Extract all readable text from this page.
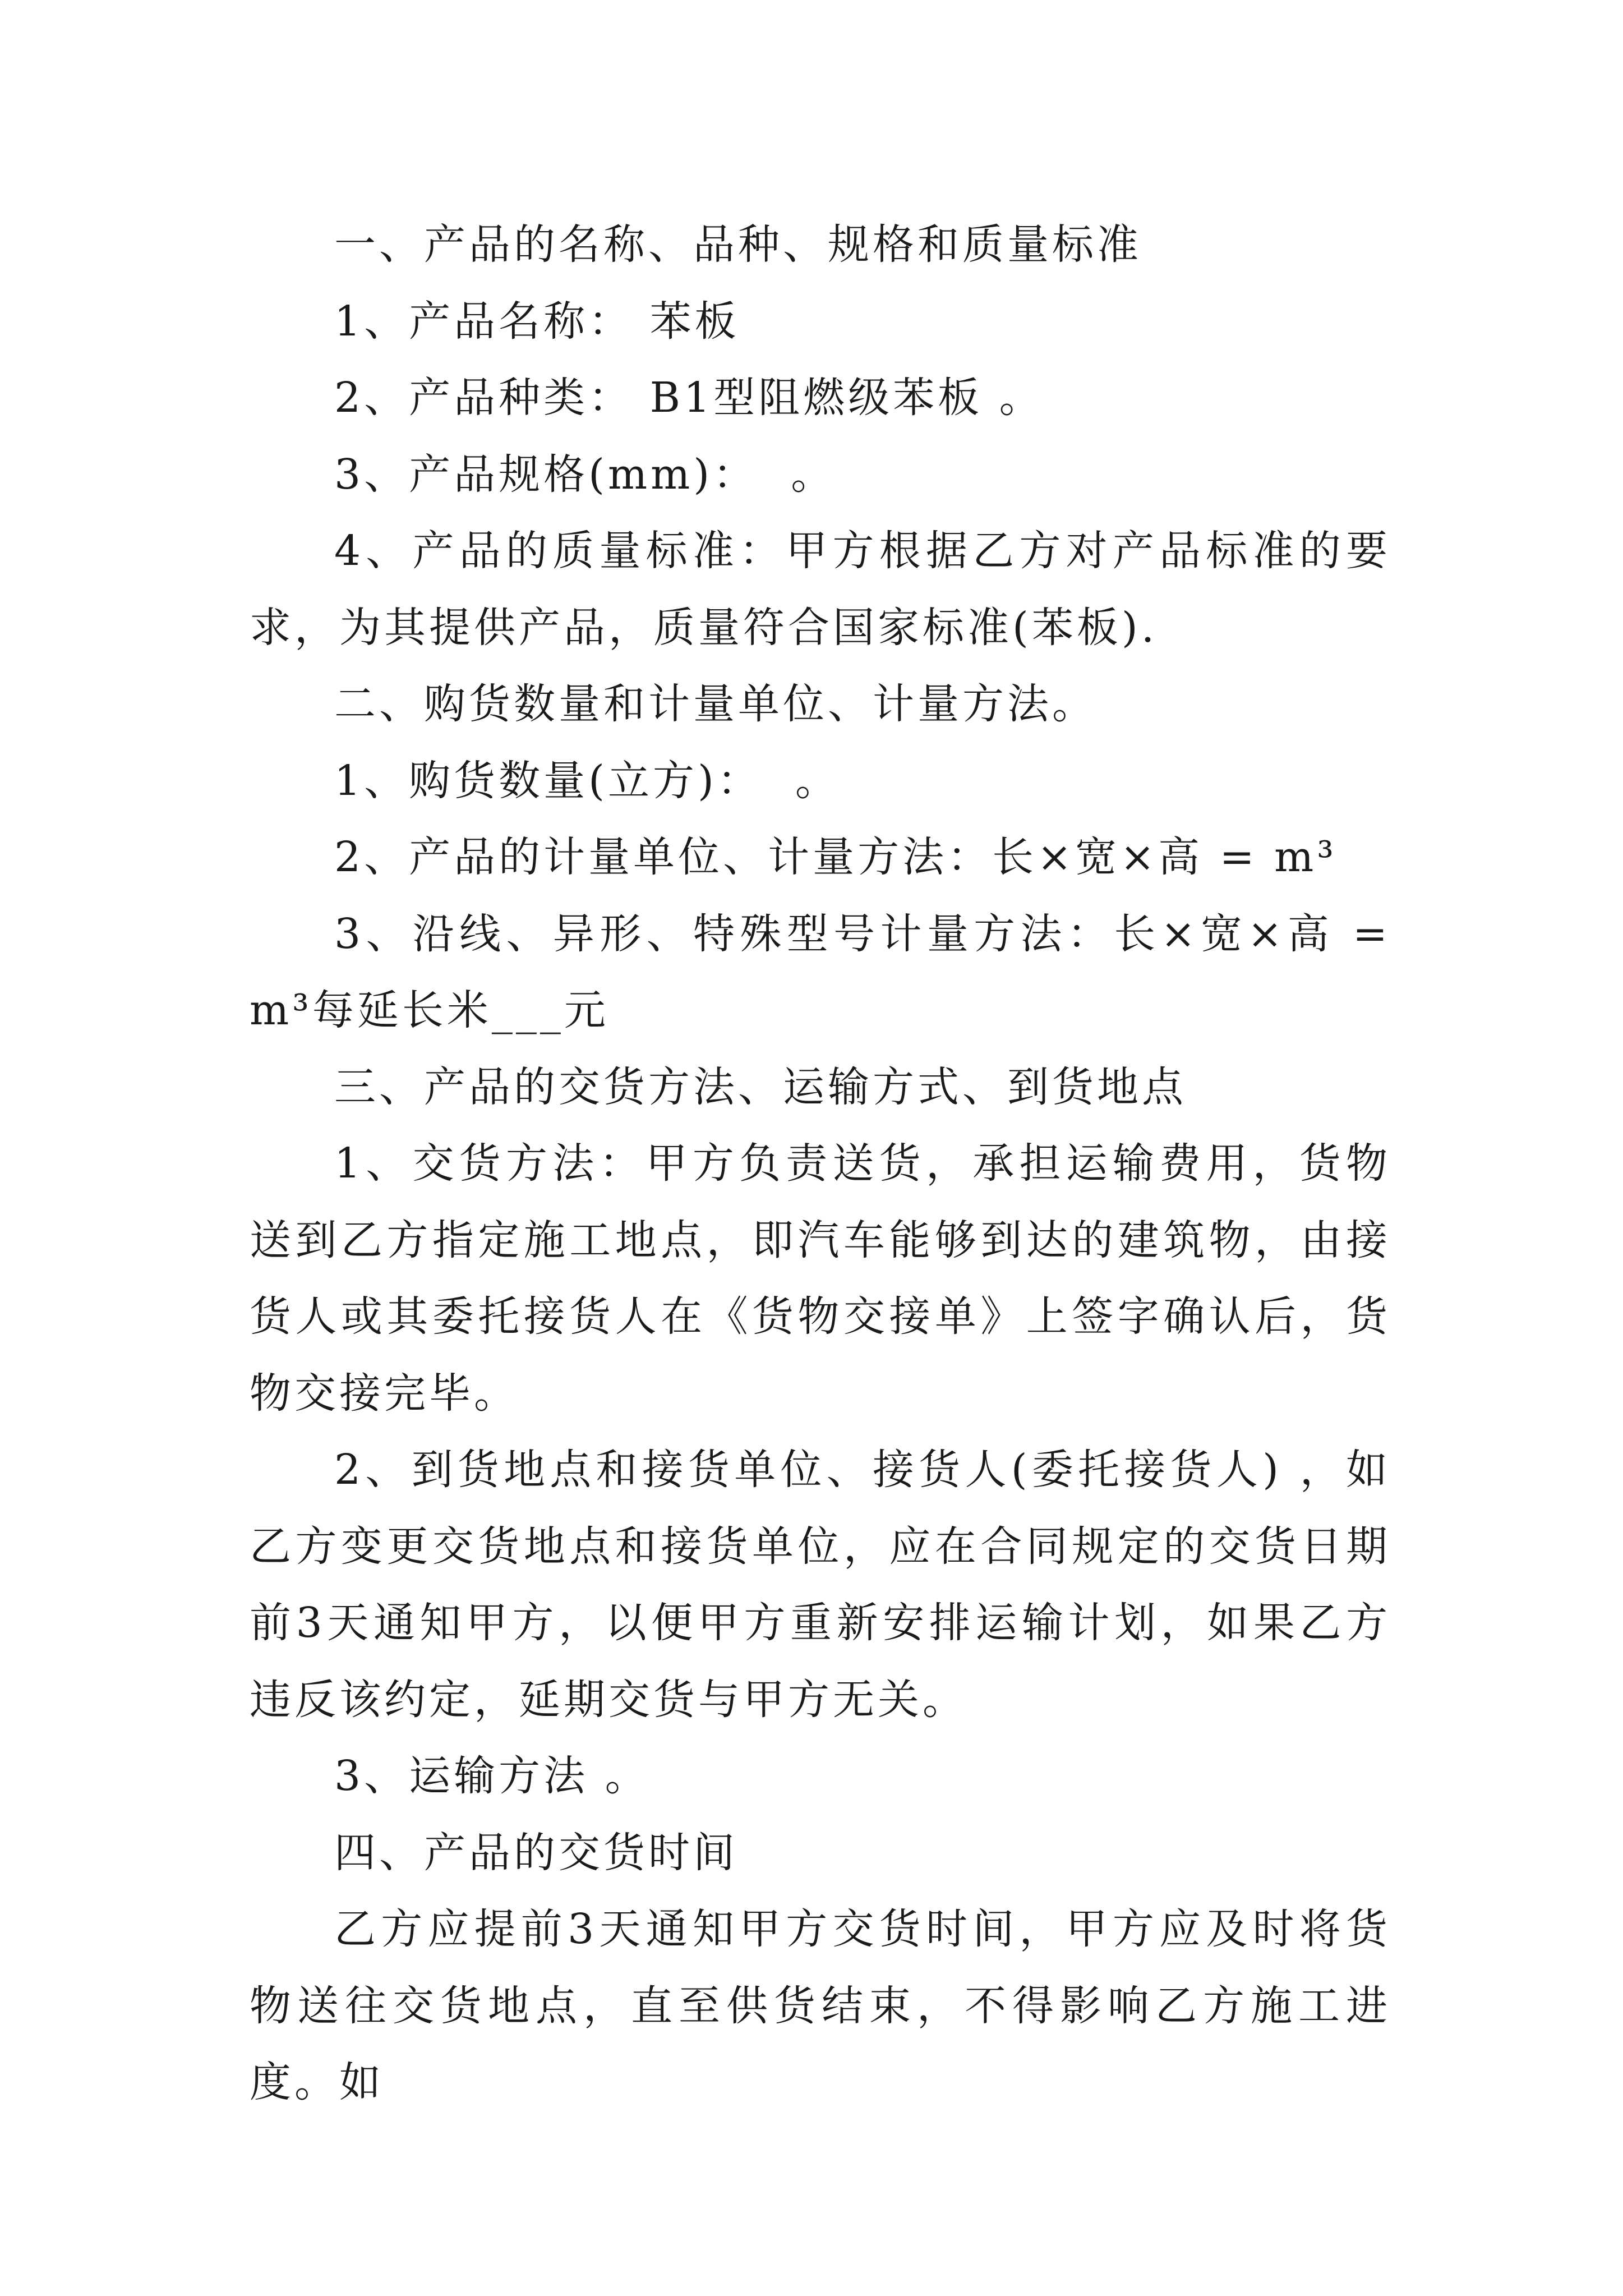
一、产品的名称、品种、规格和质量标准

1、产品名称： 苯板

2、产品种类： B1型阻燃级苯板 。

3、产品规格(mm)：  。

4、产品的质量标准：甲方根据乙方对产品标准的要求，为其提供产品，质量符合国家标准(苯板).

二、购货数量和计量单位、计量方法。

1、购货数量(立方)：  。

2、产品的计量单位、计量方法：长×宽×高 = m³

3、沿线、异形、特殊型号计量方法：长×宽×高 = m³每延长米___元

三、产品的交货方法、运输方式、到货地点

1、交货方法：甲方负责送货，承担运输费用，货物送到乙方指定施工地点，即汽车能够到达的建筑物，由接货人或其委托接货人在《货物交接单》上签字确认后，货物交接完毕。

2、到货地点和接货单位、接货人(委托接货人) ，如乙方变更交货地点和接货单位，应在合同规定的交货日期前3天通知甲方，以便甲方重新安排运输计划，如果乙方违反该约定，延期交货与甲方无关。

3、运输方法 。

四、产品的交货时间

乙方应提前3天通知甲方交货时间，甲方应及时将货物送往交货地点，直至供货结束，不得影响乙方施工进度。如
